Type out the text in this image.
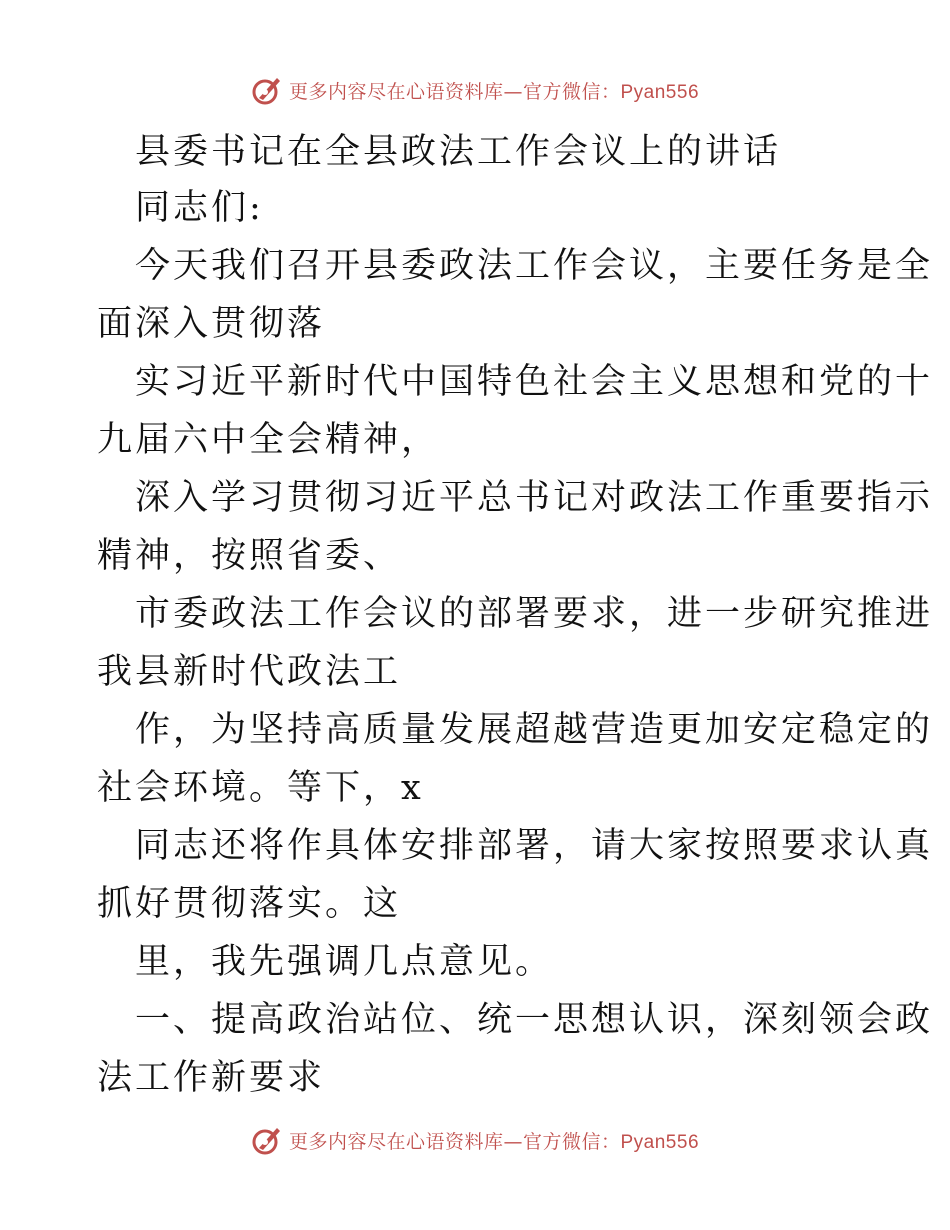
更多内容尽在心语资料库—官方微信：Pyan556
县委书记在全县政法工作会议上的讲话
同志们:
今天我们召开县委政法工作会议，主要任务是全
面深入贯彻落
实习近平新时代中国特色社会主义思想和党的十
九届六中全会精神，
深入学习贯彻习近平总书记对政法工作重要指示
精神，按照省委、
市委政法工作会议的部署要求，进一步研究推进
我县新时代政法工
作，为坚持高质量发展超越营造更加安定稳定的
社会环境。等下，x
同志还将作具体安排部署，请大家按照要求认真
抓好贯彻落实。这
里，我先强调几点意见。
一、提高政治站位、统一思想认识，深刻领会政
法工作新要求
更多内容尽在心语资料库—官方微信：Pyan556
